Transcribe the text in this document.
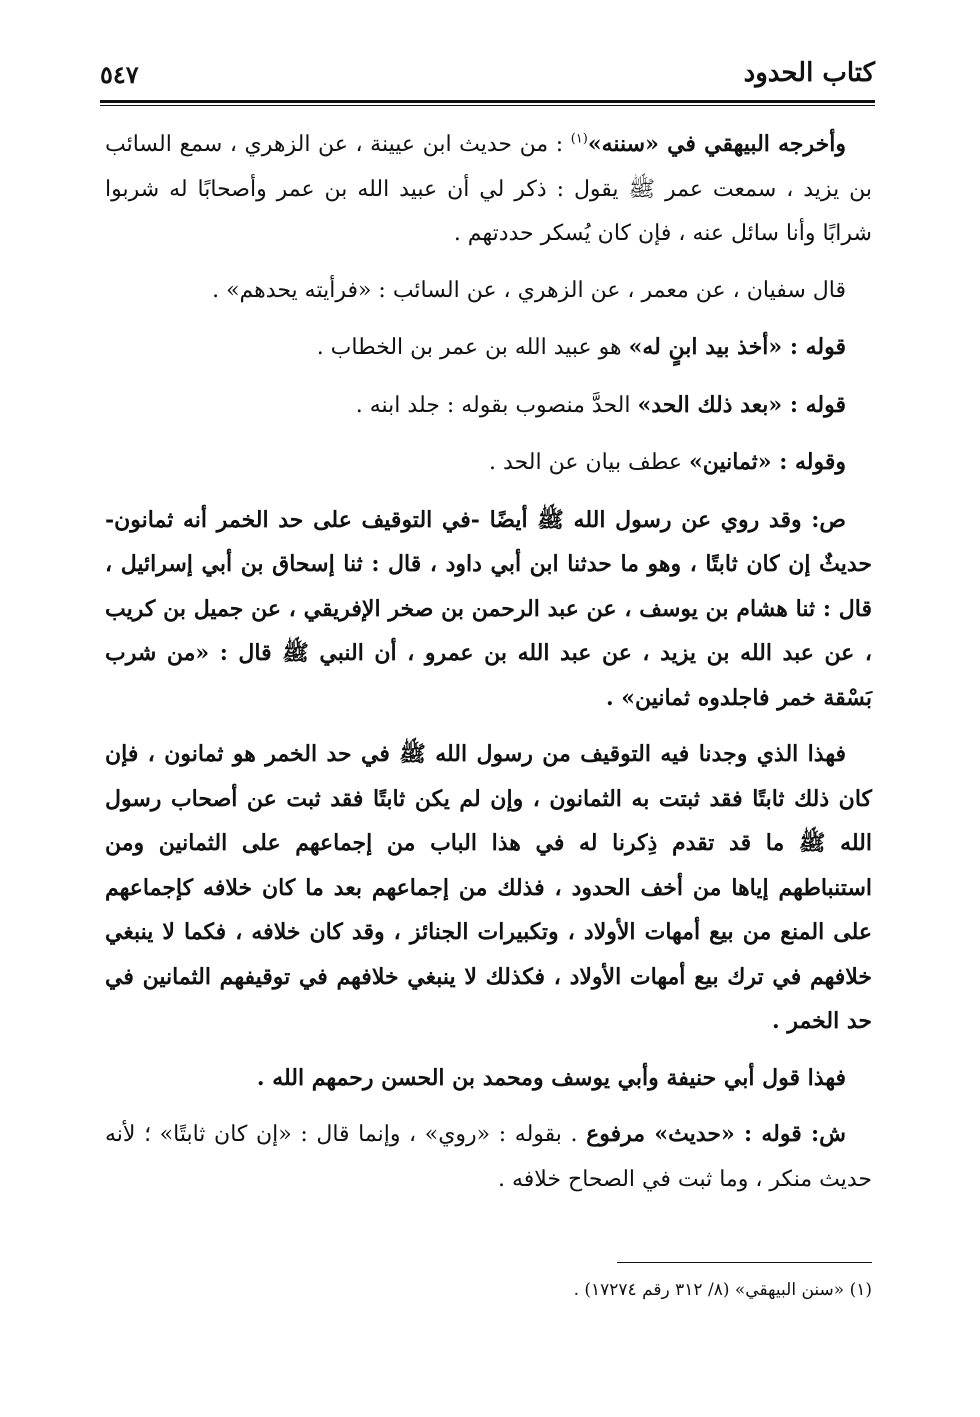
كتاب الحدود
٥٤٧

وأخرجه البيهقي في «سننه»$^{(١)}$ : من حديث ابن عيينة ، عن الزهري ، سمع السائب بن يزيد ، سمعت عمر ﷺ يقول : ذكر لي أن عبيد الله بن عمر وأصحابًا له شربوا شرابًا وأنا سائل عنه ، فإن كان يُسكر حددتهم .

قال سفيان ، عن معمر ، عن الزهري ، عن السائب : «فرأيته يحدهم» .

قوله : «أخذ بيد ابنٍ له» هو عبيد الله بن عمر بن الخطاب .

قوله : «بعد ذلك الحد» الحدَّ منصوب بقوله : جلد ابنه .

وقوله : «ثمانين» عطف بيان عن الحد .

ص: وقد روي عن رسول الله ﷺ أيضًا -في التوقيف على حد الخمر أنه ثمانون- حديثٌ إن كان ثابتًا ، وهو ما حدثنا ابن أبي داود ، قال : ثنا إسحاق بن أبي إسرائيل ، قال : ثنا هشام بن يوسف ، عن عبد الرحمن بن صخر الإفريقي ، عن جميل بن كريب ، عن عبد الله بن يزيد ، عن عبد الله بن عمرو ، أن النبي ﷺ قال : «من شرب بَسْقة خمر فاجلدوه ثمانين» .

فهذا الذي وجدنا فيه التوقيف من رسول الله ﷺ في حد الخمر هو ثمانون ، فإن كان ذلك ثابتًا فقد ثبتت به الثمانون ، وإن لم يكن ثابتًا فقد ثبت عن أصحاب رسول الله ﷺ ما قد تقدم ذِكرنا له في هذا الباب من إجماعهم على الثمانين ومن استنباطهم إياها من أخف الحدود ، فذلك من إجماعهم بعد ما كان خلافه كإجماعهم على المنع من بيع أمهات الأولاد ، وتكبيرات الجنائز ، وقد كان خلافه ، فكما لا ينبغي خلافهم في ترك بيع أمهات الأولاد ، فكذلك لا ينبغي خلافهم في توقيفهم الثمانين في حد الخمر .

فهذا قول أبي حنيفة وأبي يوسف ومحمد بن الحسن رحمهم الله .

ش: قوله : «حديث» مرفوع . بقوله : «روي» ، وإنما قال : «إن كان ثابتًا» ؛ لأنه حديث منكر ، وما ثبت في الصحاح خلافه .

(١) «سنن البيهقي» (٨/ ٣١٢ رقم ١٧٢٧٤) .
